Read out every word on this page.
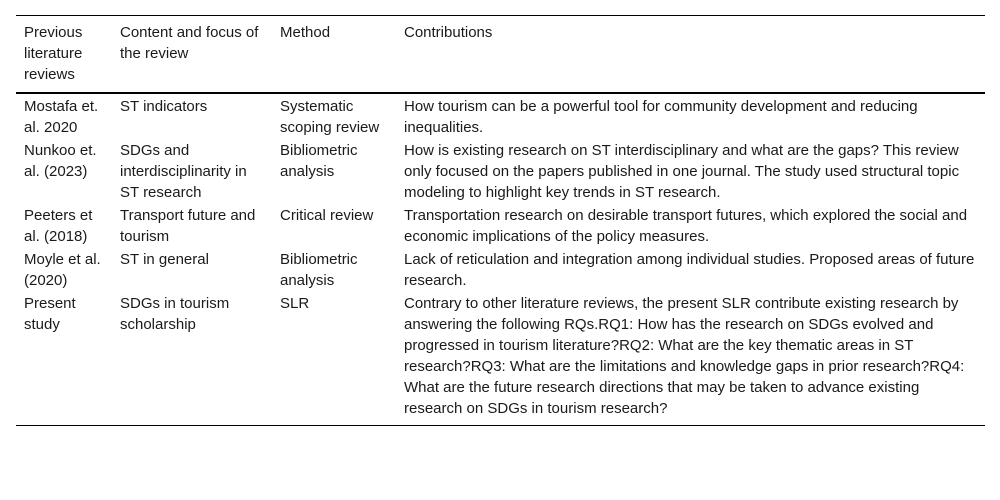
Previous literature reviews	Content and focus of the review	Method	Contributions
Mostafa et. al. 2020	ST indicators	Systematic scoping review	How tourism can be a powerful tool for community development and reducing inequalities.
Nunkoo et. al. (2023)	SDGs and interdisciplinarity in ST research	Bibliometric analysis	How is existing research on ST interdisciplinary and what are the gaps? This review only focused on the papers published in one journal. The study used structural topic modeling to highlight key trends in ST research.
Peeters et al. (2018)	Transport future and tourism	Critical review	Transportation research on desirable transport futures, which explored the social and economic implications of the policy measures.
Moyle et al. (2020)	ST in general	Bibliometric analysis	Lack of reticulation and integration among individual studies. Proposed areas of future research.
Present study	SDGs in tourism scholarship	SLR	Contrary to other literature reviews, the present SLR contribute existing research by answering the following RQs.RQ1: How has the research on SDGs evolved and progressed in tourism literature?RQ2: What are the key thematic areas in ST research?RQ3: What are the limitations and knowledge gaps in prior research?RQ4: What are the future research directions that may be taken to advance existing research on SDGs in tourism research?
